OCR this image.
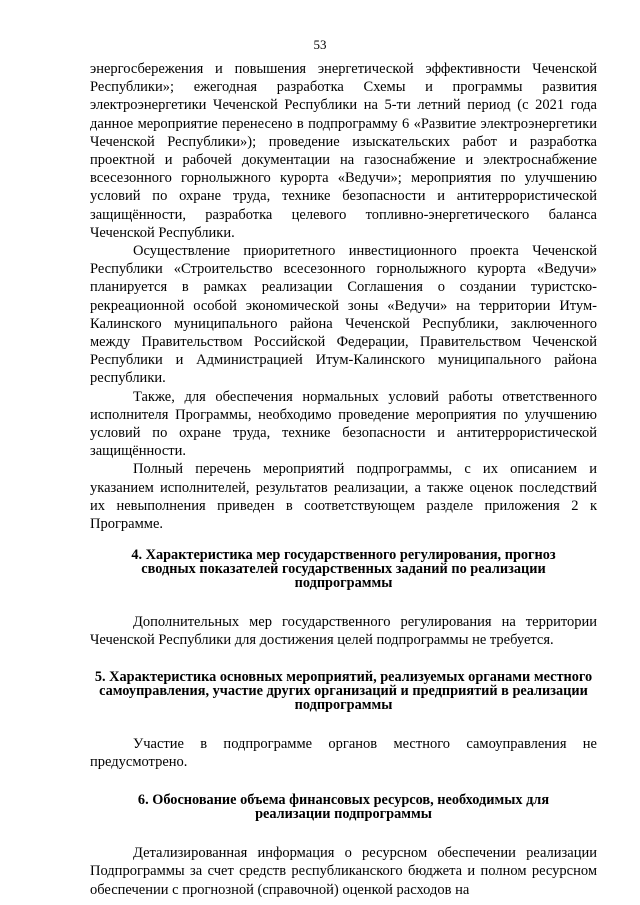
53

энергосбережения и повышения энергетической эффективности Чеченской Республики»; ежегодная разработка Схемы и программы развития электроэнергетики Чеченской Республики на 5-ти летний период (с 2021 года данное мероприятие перенесено в подпрограмму 6 «Развитие электроэнергетики Чеченской Республики»); проведение изыскательских работ и разработка проектной и рабочей документации на газоснабжение и электроснабжение всесезонного горнолыжного курорта «Ведучи»; мероприятия по улучшению условий по охране труда, технике безопасности и антитеррористической защищённости, разработка целевого топливно-энергетического баланса Чеченской Республики.

Осуществление приоритетного инвестиционного проекта Чеченской Республики «Строительство всесезонного горнолыжного курорта «Ведучи» планируется в рамках реализации Соглашения о создании туристско-рекреационной особой экономической зоны «Ведучи» на территории Итум-Калинского муниципального района Чеченской Республики, заключенного между Правительством Российской Федерации, Правительством Чеченской Республики и Администрацией Итум-Калинского муниципального района республики.

Также, для обеспечения нормальных условий работы ответственного исполнителя Программы, необходимо проведение мероприятия по улучшению условий по охране труда, технике безопасности и антитеррористической защищённости.

Полный перечень мероприятий подпрограммы, с их описанием и указанием исполнителей, результатов реализации, а также оценок последствий их невыполнения приведен в соответствующем разделе приложения 2 к Программе.

4. Характеристика мер государственного регулирования, прогноз сводных показателей государственных заданий по реализации подпрограммы

Дополнительных мер государственного регулирования на территории Чеченской Республики для достижения целей подпрограммы не требуется.

5. Характеристика основных мероприятий, реализуемых органами местного самоуправления, участие других организаций и предприятий в реализации подпрограммы

Участие в подпрограмме органов местного самоуправления не предусмотрено.

6. Обоснование объема финансовых ресурсов, необходимых для реализации подпрограммы

Детализированная информация о ресурсном обеспечении реализации Подпрограммы за счет средств республиканского бюджета и полном ресурсном обеспечении с прогнозной (справочной) оценкой расходов на
